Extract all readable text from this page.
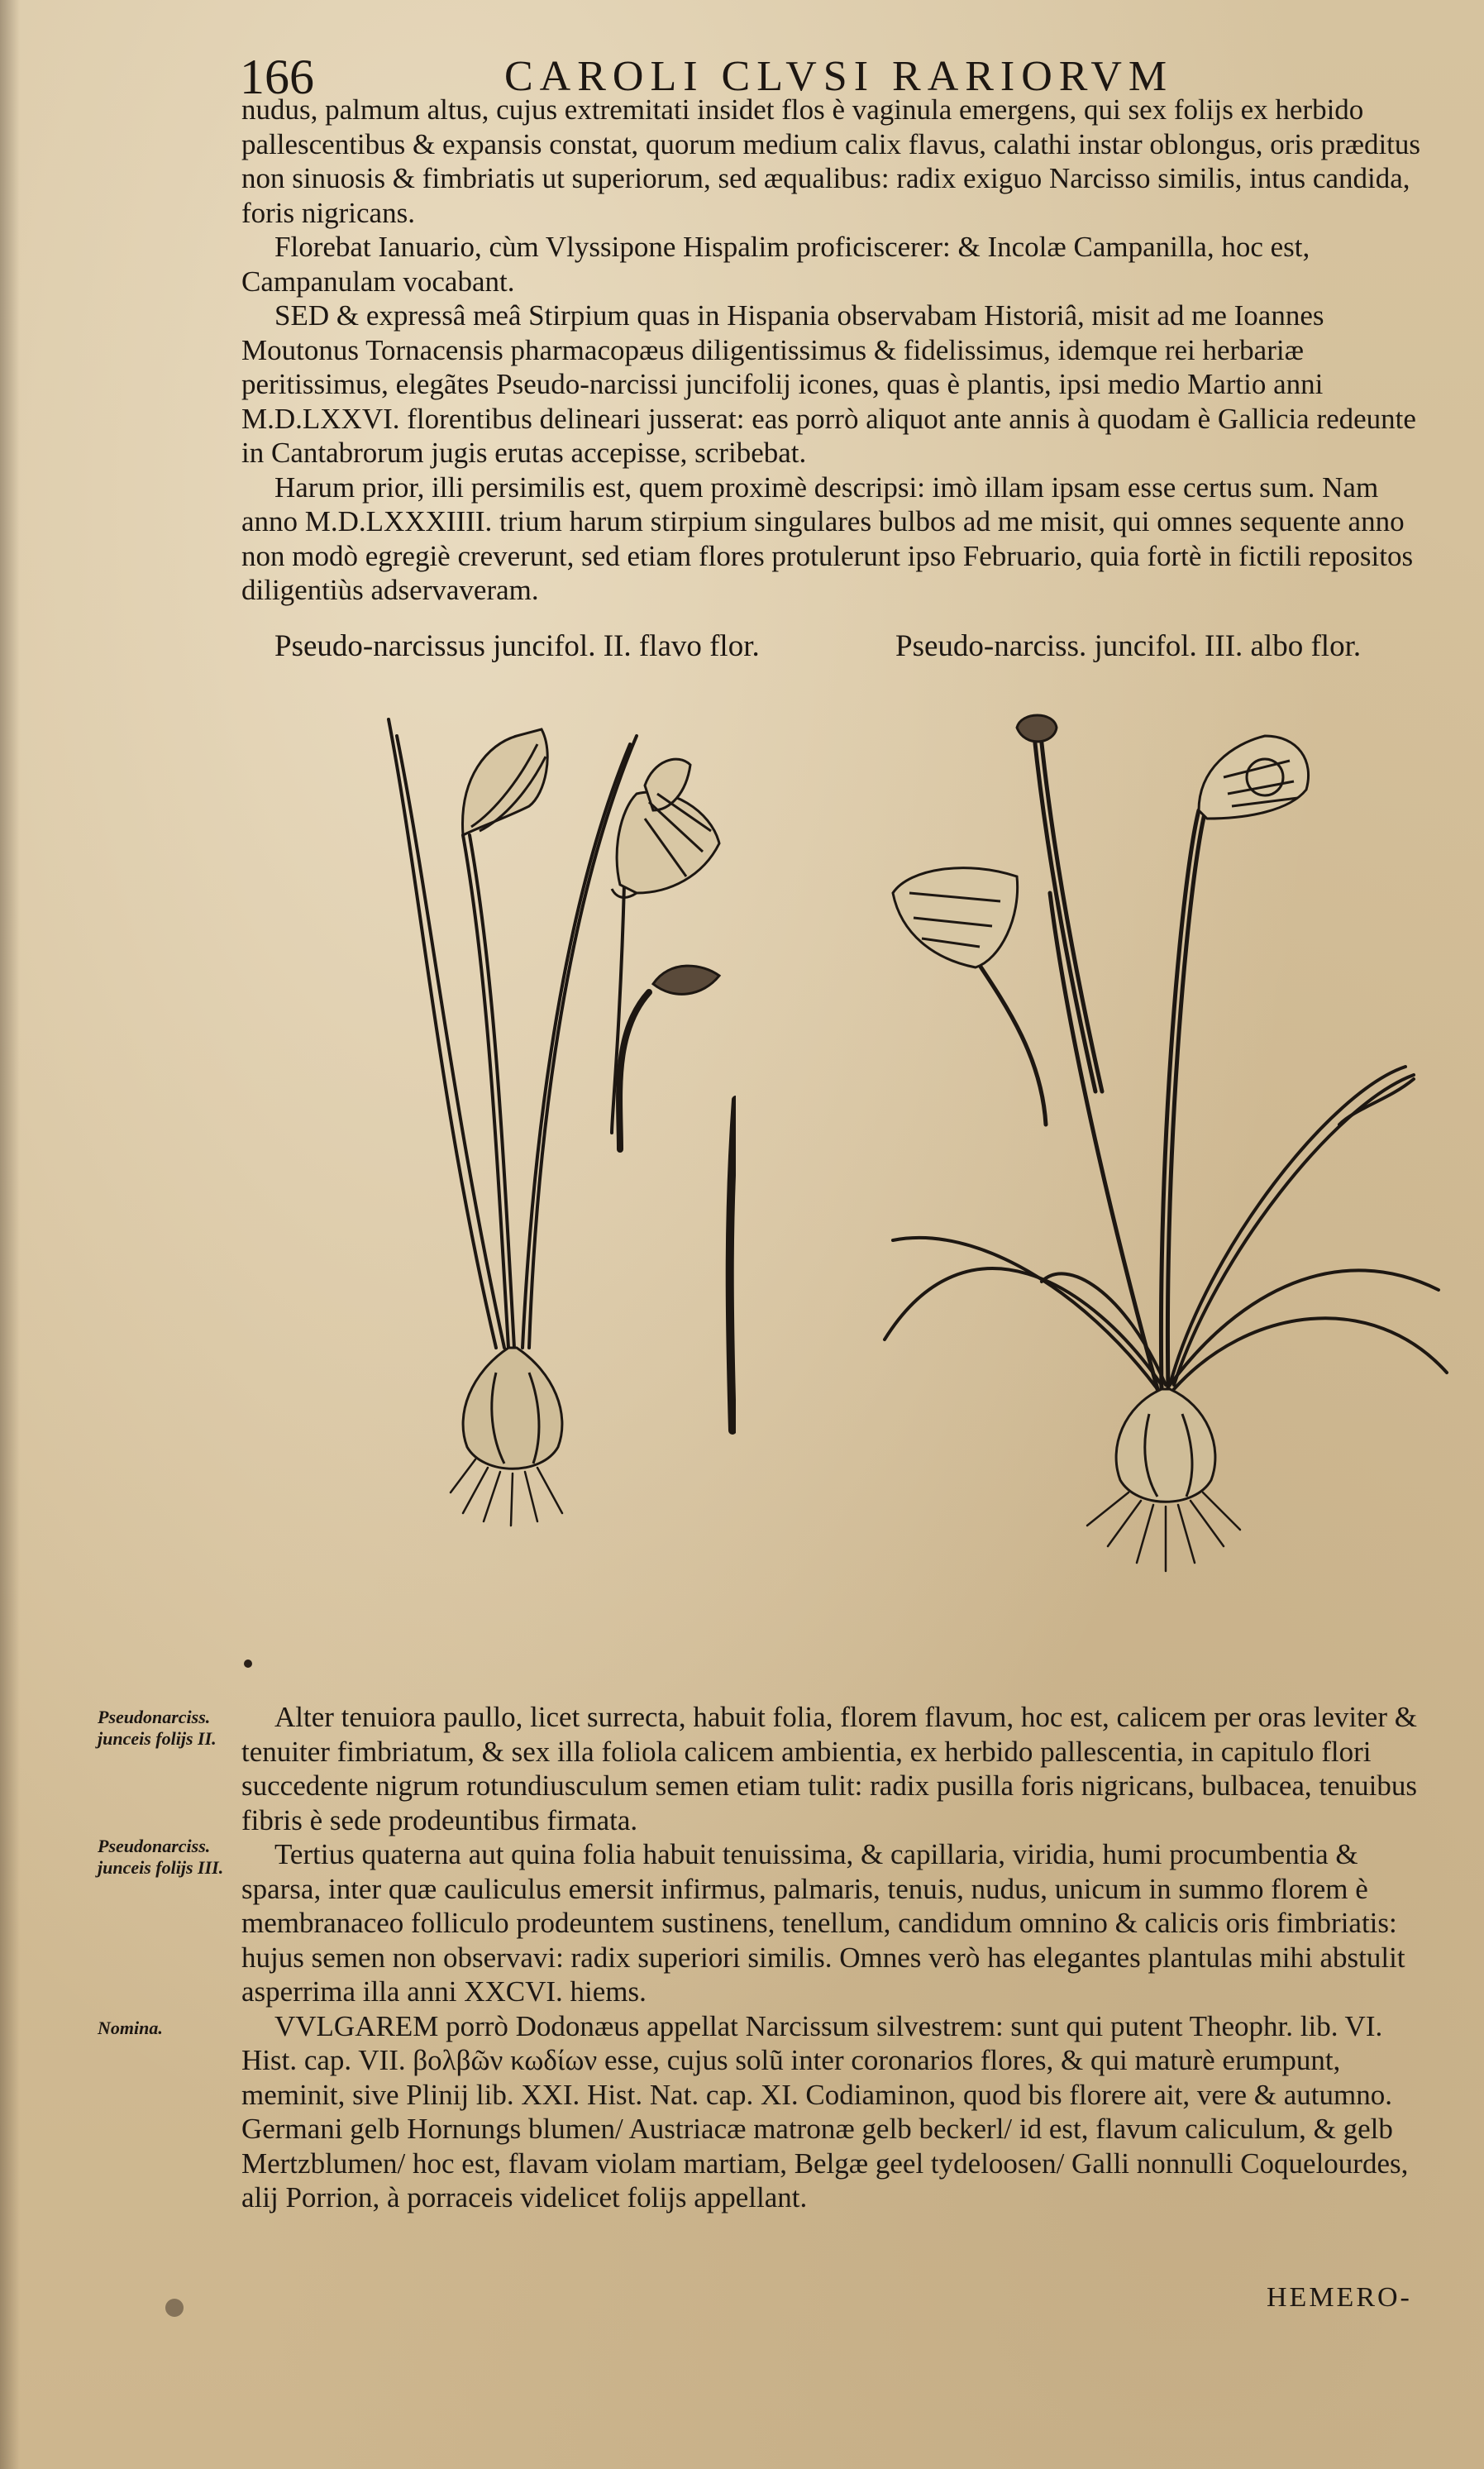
166	CAROLI CLVSI RARIORVM

nudus, palmum altus, cujus extremitati insidet flos è vaginula emergens, qui sex folijs ex herbido pallescentibus & expansis constat, quorum medium calix flavus, calathi instar oblongus, oris præditus non sinuosis & fimbriatis ut superiorum, sed æqualibus: radix exiguo Narcisso similis, intus candida, foris nigricans.

Florebat Ianuario, cùm Vlyssipone Hispalim proficiscerer: & Incolæ Campanilla, hoc est, Campanulam vocabant.

SED & expressâ meâ Stirpium quas in Hispania observabam Historiâ, misit ad me Ioannes Moutonus Tornacensis pharmacopæus diligentissimus & fidelissimus, idemque rei herbariæ peritissimus, elegãtes Pseudo-narcissi juncifolij icones, quas è plantis, ipsi medio Martio anni M.D.LXXVI. florentibus delineari jusserat: eas porrò aliquot ante annis à quodam è Gallicia redeunte in Cantabrorum jugis erutas accepisse, scribebat.

Harum prior, illi persimilis est, quem proximè descripsi: imò illam ipsam esse certus sum. Nam anno M.D.LXXXIIII. trium harum stirpium singulares bulbos ad me misit, qui omnes sequente anno non modò egregiè creverunt, sed etiam flores protulerunt ipso Februario, quia fortè in fictili repositos diligentiùs adservaveram.

Pseudo-narcissus juncifol. II. flavo flor.	Pseudo-narciss. juncifol. III. albo flor.

Alter tenuiora paullo, licet surrecta, habuit folia, florem flavum, hoc est, calicem per oras leviter & tenuiter fimbriatum, & sex illa foliola calicem ambientia, ex herbido pallescentia, in capitulo flori succedente nigrum rotundiusculum semen etiam tulit: radix pusilla foris nigricans, bulbacea, tenuibus fibris è sede prodeuntibus firmata.

Tertius quaterna aut quina folia habuit tenuissima, & capillaria, viridia, humi procumbentia & sparsa, inter quæ cauliculus emersit infirmus, palmaris, tenuis, nudus, unicum in summo florem è membranaceo folliculo prodeuntem sustinens, tenellum, candidum omnino & calicis oris fimbriatis: hujus semen non observavi: radix superiori similis. Omnes verò has elegantes plantulas mihi abstulit asperrima illa anni XXCVI. hiems.

VVLGAREM porrò Dodonæus appellat Narcissum silvestrem: sunt qui putent Theophr. lib. VI. Hist. cap. VII. βολβῶν κωδίων esse, cujus solũ inter coronarios flores, & qui maturè erumpunt, meminit, sive Plinij lib. XXI. Hist. Nat. cap. XI. Codiaminon, quod bis florere ait, vere & autumno. Germani gelb Hornungs blumen/ Austriacæ matronæ gelb beckerl/ id est, flavum caliculum, & gelb Mertzblumen/ hoc est, flavam violam martiam, Belgæ geel tydeloosen/ Galli nonnulli Coquelourdes, alij Porrion, à porraceis videlicet folijs appellant.

Pseudonarciss. junceis folijs II.
Pseudonarciss. junceis folijs III.
Nomina.
HEMERO-
